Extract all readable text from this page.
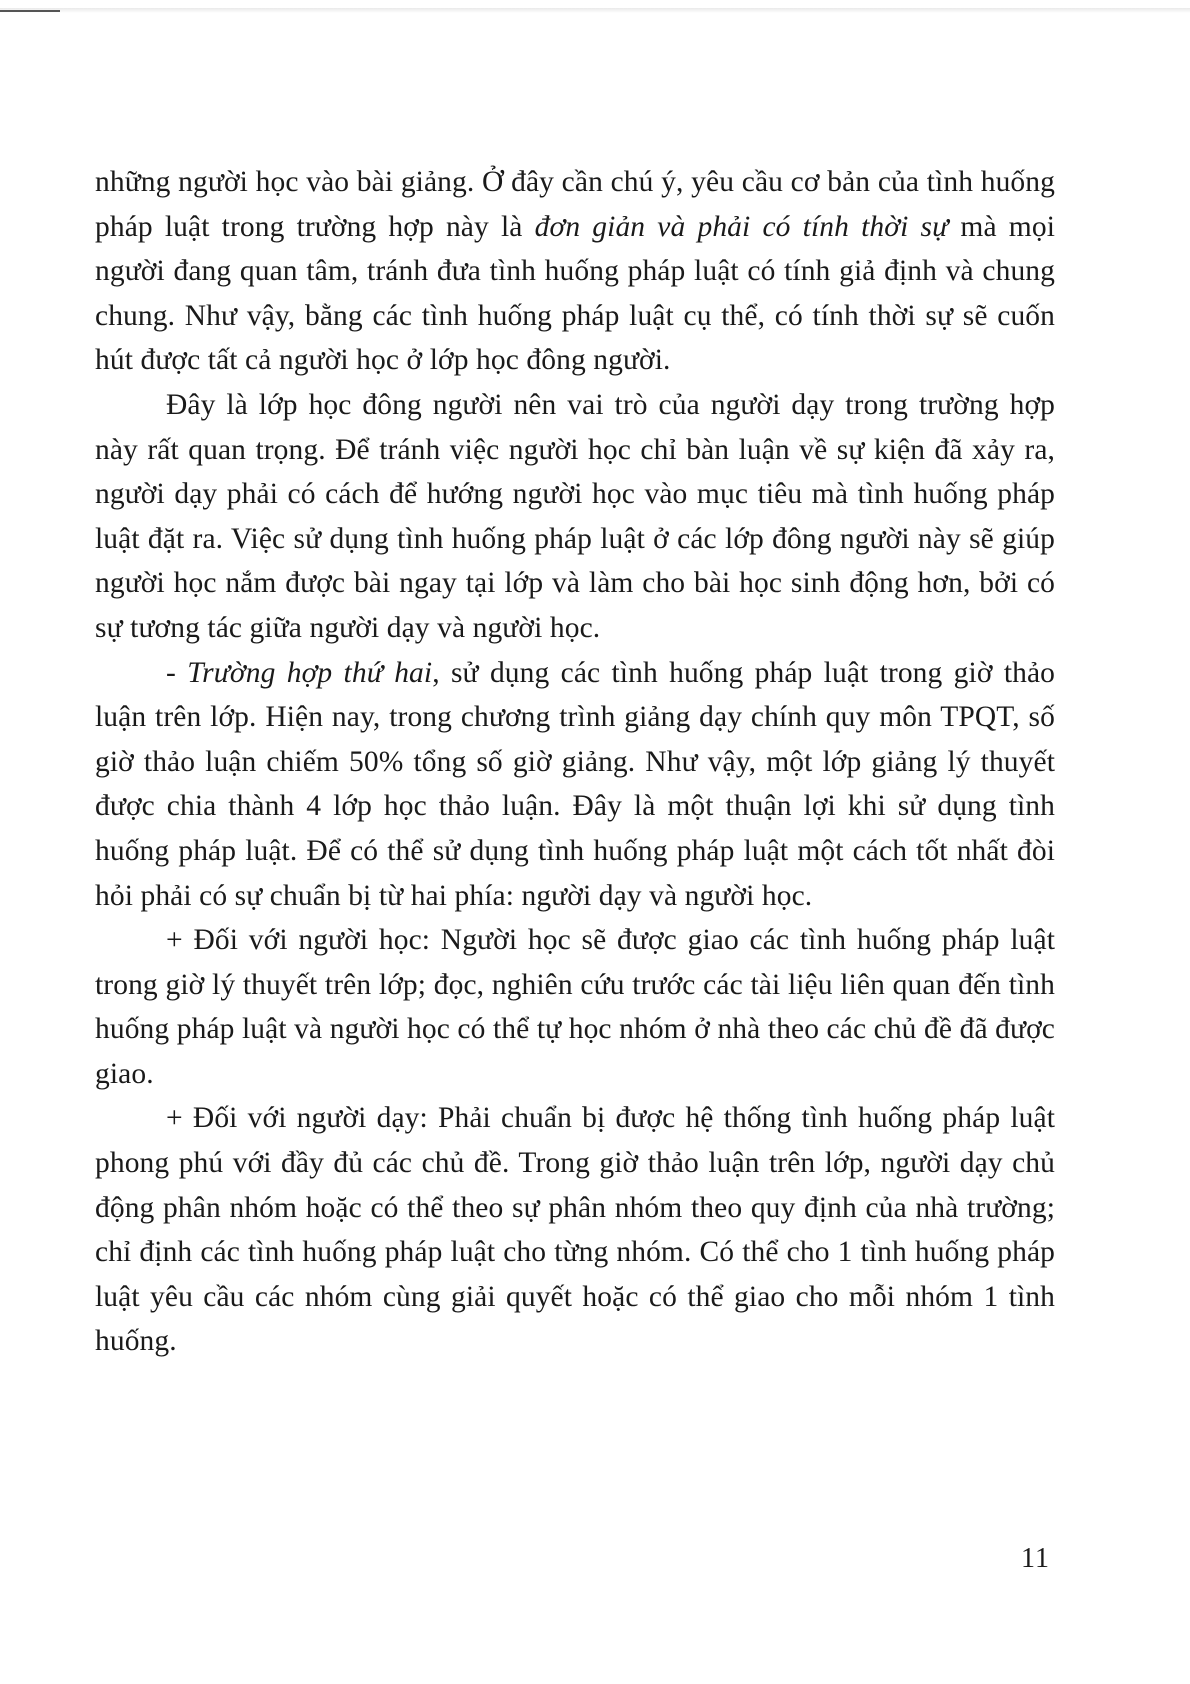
những người học vào bài giảng. Ở đây cần chú ý, yêu cầu cơ bản của tình huống pháp luật trong trường hợp này là đơn giản và phải có tính thời sự mà mọi người đang quan tâm, tránh đưa tình huống pháp luật có tính giả định và chung chung. Như vậy, bằng các tình huống pháp luật cụ thể, có tính thời sự sẽ cuốn hút được tất cả người học ở lớp học đông người.

Đây là lớp học đông người nên vai trò của người dạy trong trường hợp này rất quan trọng. Để tránh việc người học chỉ bàn luận về sự kiện đã xảy ra, người dạy phải có cách để hướng người học vào mục tiêu mà tình huống pháp luật đặt ra. Việc sử dụng tình huống pháp luật ở các lớp đông người này sẽ giúp người học nắm được bài ngay tại lớp và làm cho bài học sinh động hơn, bởi có sự tương tác giữa người dạy và người học.

- Trường hợp thứ hai, sử dụng các tình huống pháp luật trong giờ thảo luận trên lớp. Hiện nay, trong chương trình giảng dạy chính quy môn TPQT, số giờ thảo luận chiếm 50% tổng số giờ giảng. Như vậy, một lớp giảng lý thuyết được chia thành 4 lớp học thảo luận. Đây là một thuận lợi khi sử dụng tình huống pháp luật. Để có thể sử dụng tình huống pháp luật một cách tốt nhất đòi hỏi phải có sự chuẩn bị từ hai phía: người dạy và người học.

+ Đối với người học: Người học sẽ được giao các tình huống pháp luật trong giờ lý thuyết trên lớp; đọc, nghiên cứu trước các tài liệu liên quan đến tình huống pháp luật và người học có thể tự học nhóm ở nhà theo các chủ đề đã được giao.

+ Đối với người dạy: Phải chuẩn bị được hệ thống tình huống pháp luật phong phú với đầy đủ các chủ đề. Trong giờ thảo luận trên lớp, người dạy chủ động phân nhóm hoặc có thể theo sự phân nhóm theo quy định của nhà trường; chỉ định các tình huống pháp luật cho từng nhóm. Có thể cho 1 tình huống pháp luật yêu cầu các nhóm cùng giải quyết hoặc có thể giao cho mỗi nhóm 1 tình huống.

11
